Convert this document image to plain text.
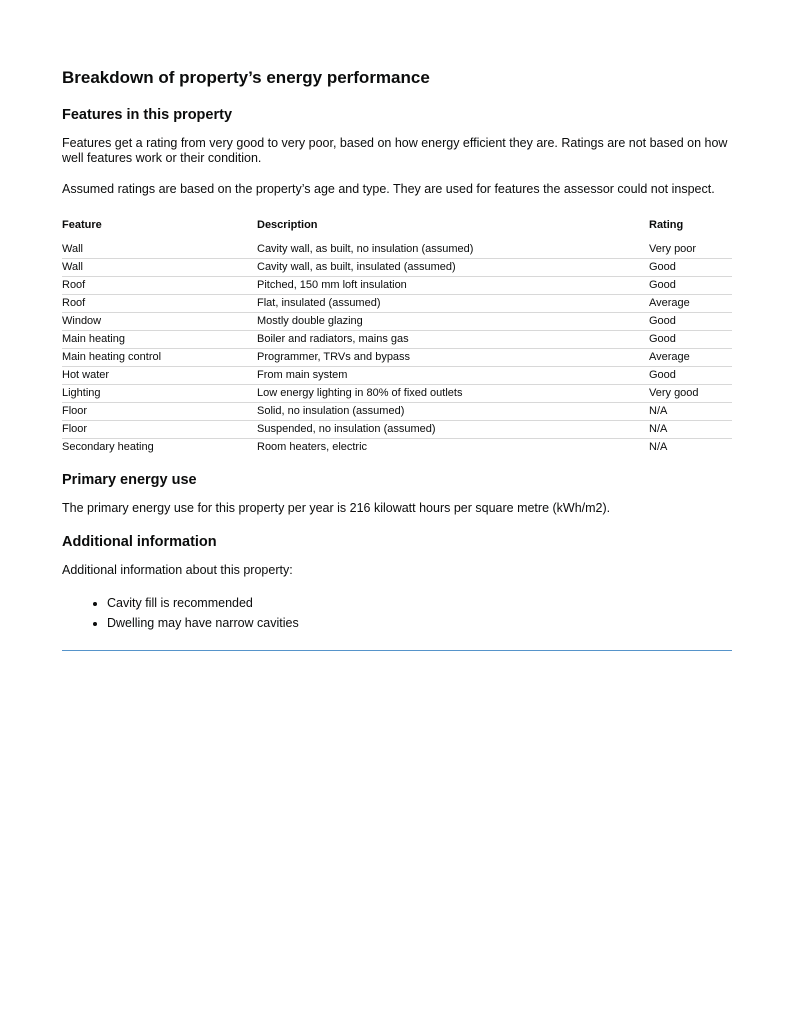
Breakdown of property’s energy performance
Features in this property

Features get a rating from very good to very poor, based on how energy efficient they are. Ratings are not based on how well features work or their condition.

Assumed ratings are based on the property’s age and type. They are used for features the assessor could not inspect.

Feature	Description	Rating
Wall	Cavity wall, as built, no insulation (assumed)	Very poor
Wall	Cavity wall, as built, insulated (assumed)	Good
Roof	Pitched, 150 mm loft insulation	Good
Roof	Flat, insulated (assumed)	Average
Window	Mostly double glazing	Good
Main heating	Boiler and radiators, mains gas	Good
Main heating control	Programmer, TRVs and bypass	Average
Hot water	From main system	Good
Lighting	Low energy lighting in 80% of fixed outlets	Very good
Floor	Solid, no insulation (assumed)	N/A
Floor	Suspended, no insulation (assumed)	N/A
Secondary heating	Room heaters, electric	N/A
Primary energy use

The primary energy use for this property per year is 216 kilowatt hours per square metre (kWh/m2).

Additional information

Additional information about this property:

• Cavity fill is recommended
• Dwelling may have narrow cavities
